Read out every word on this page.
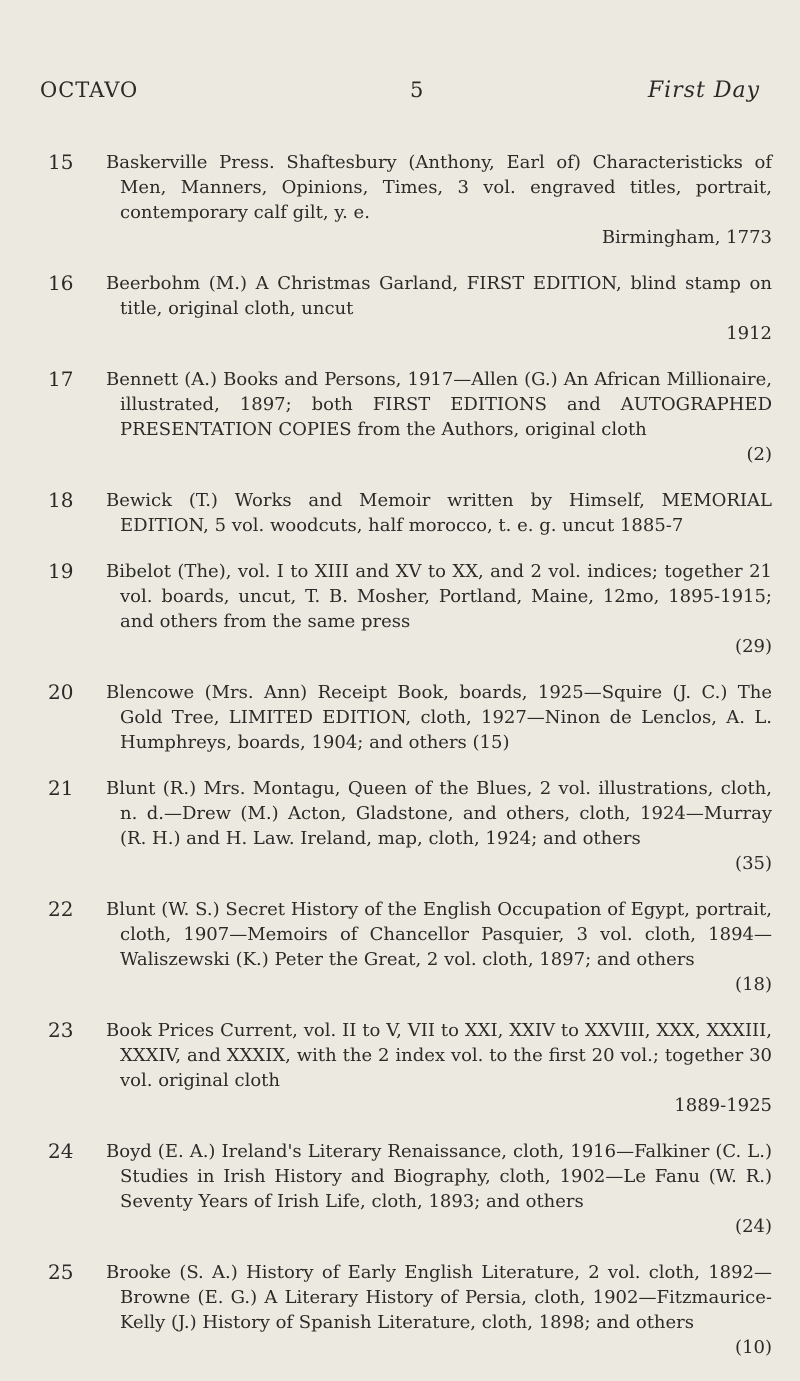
OCTAVO	5	First Day
15	Baskerville Press. Shaftesbury (Anthony, Earl of) Characteristicks of Men, Manners, Opinions, Times, 3 vol. engraved titles, portrait, contemporary calf gilt, y. e.
Birmingham, 1773
16	Beerbohm (M.) A Christmas Garland, FIRST EDITION, blind stamp on title, original cloth, uncut
1912
17	Bennett (A.) Books and Persons, 1917—Allen (G.) An African Millionaire, illustrated, 1897; both FIRST EDITIONS and AUTOGRAPHED PRESENTATION COPIES from the Authors, original cloth
(2)
18	Bewick (T.) Works and Memoir written by Himself, MEMORIAL EDITION, 5 vol. woodcuts, half morocco, t. e. g. uncut 1885-7
19	Bibelot (The), vol. I to XIII and XV to XX, and 2 vol. indices; together 21 vol. boards, uncut, T. B. Mosher, Portland, Maine, 12mo, 1895-1915; and others from the same press
(29)
20	Blencowe (Mrs. Ann) Receipt Book, boards, 1925—Squire (J. C.) The Gold Tree, LIMITED EDITION, cloth, 1927—Ninon de Lenclos, A. L. Humphreys, boards, 1904; and others (15)
21	Blunt (R.) Mrs. Montagu, Queen of the Blues, 2 vol. illustrations, cloth, n. d.—Drew (M.) Acton, Gladstone, and others, cloth, 1924—Murray (R. H.) and H. Law. Ireland, map, cloth, 1924; and others
(35)
22	Blunt (W. S.) Secret History of the English Occupation of Egypt, portrait, cloth, 1907—Memoirs of Chancellor Pasquier, 3 vol. cloth, 1894—Waliszewski (K.) Peter the Great, 2 vol. cloth, 1897; and others
(18)
23	Book Prices Current, vol. II to V, VII to XXI, XXIV to XXVIII, XXX, XXXIII, XXXIV, and XXXIX, with the 2 index vol. to the first 20 vol.; together 30 vol. original cloth
1889-1925
24	Boyd (E. A.) Ireland's Literary Renaissance, cloth, 1916—Falkiner (C. L.) Studies in Irish History and Biography, cloth, 1902—Le Fanu (W. R.) Seventy Years of Irish Life, cloth, 1893; and others
(24)
25	Brooke (S. A.) History of Early English Literature, 2 vol. cloth, 1892—Browne (E. G.) A Literary History of Persia, cloth, 1902—Fitzmaurice-Kelly (J.) History of Spanish Literature, cloth, 1898; and others
(10)
